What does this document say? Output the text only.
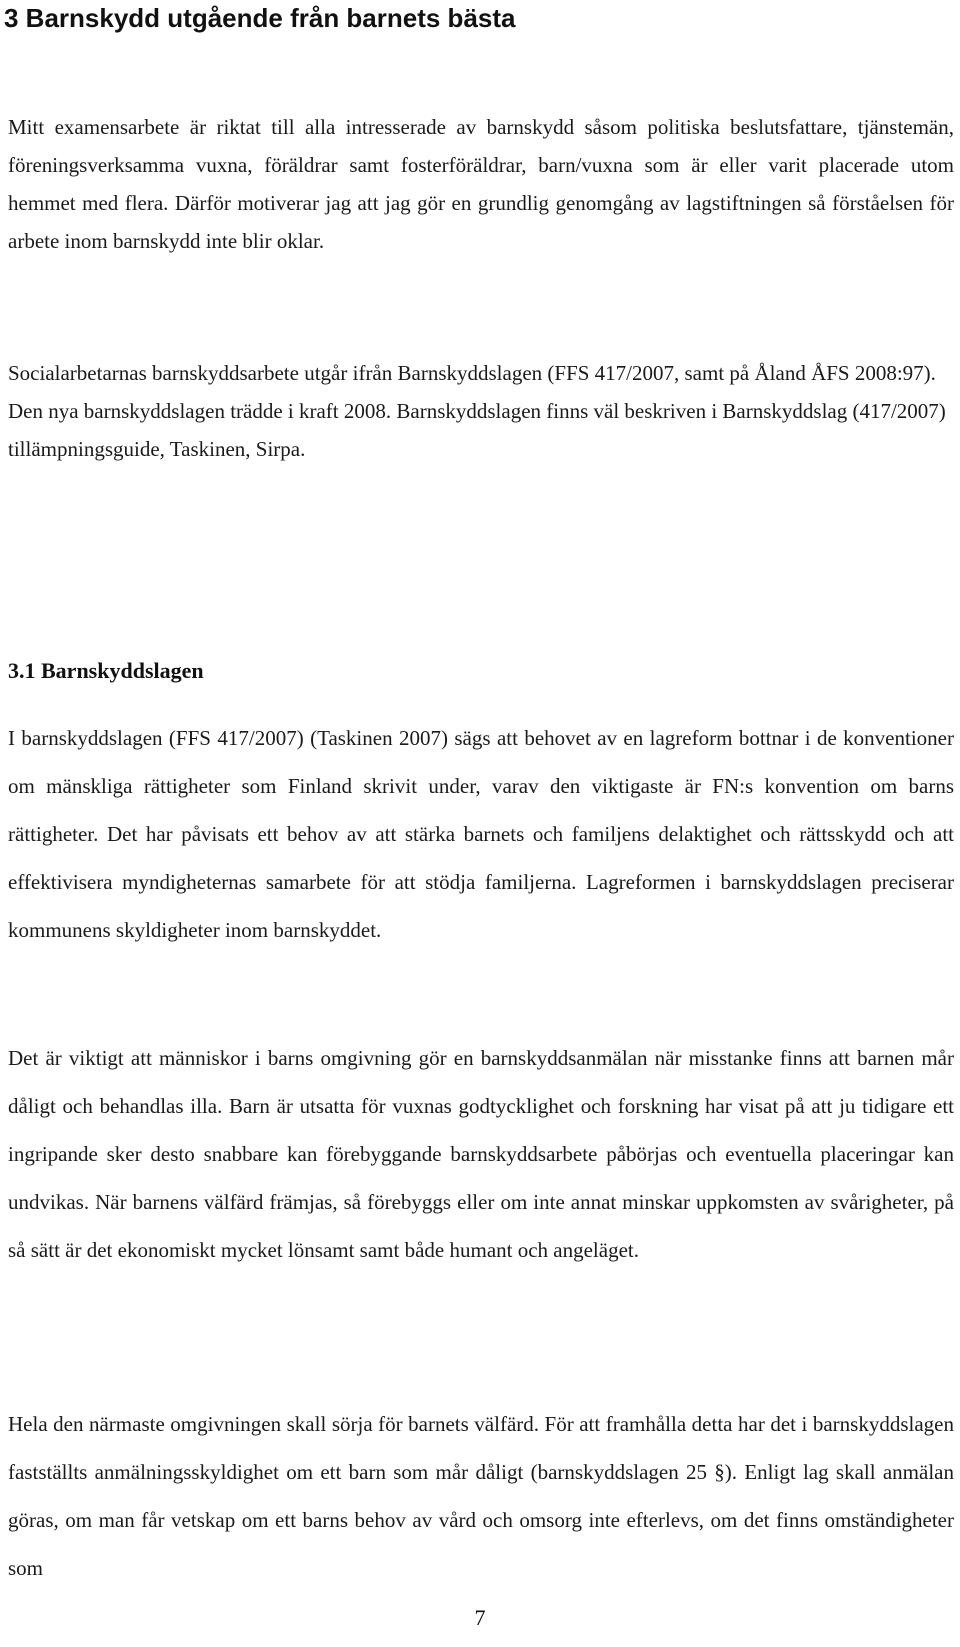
3 Barnskydd utgående från barnets bästa

Mitt examensarbete är riktat till alla intresserade av barnskydd såsom politiska beslutsfattare, tjänstemän, föreningsverksamma vuxna, föräldrar samt fosterföräldrar, barn/vuxna som är eller varit placerade utom hemmet med flera. Därför motiverar jag att jag gör en grundlig genomgång av lagstiftningen så förståelsen för arbete inom barnskydd inte blir oklar.

Socialarbetarnas barnskyddsarbete utgår ifrån Barnskyddslagen (FFS 417/2007, samt på Åland ÅFS 2008:97). Den nya barnskyddslagen trädde i kraft 2008. Barnskyddslagen finns väl beskriven i Barnskyddslag (417/2007) tillämpningsguide, Taskinen, Sirpa.

3.1 Barnskyddslagen

I barnskyddslagen (FFS 417/2007) (Taskinen 2007) sägs att behovet av en lagreform bottnar i de konventioner om mänskliga rättigheter som Finland skrivit under, varav den viktigaste är FN:s konvention om barns rättigheter. Det har påvisats ett behov av att stärka barnets och familjens delaktighet och rättsskydd och att effektivisera myndigheternas samarbete för att stödja familjerna. Lagreformen i barnskyddslagen preciserar kommunens skyldigheter inom barnskyddet.

Det är viktigt att människor i barns omgivning gör en barnskyddsanmälan när misstanke finns att barnen mår dåligt och behandlas illa. Barn är utsatta för vuxnas godtycklighet och forskning har visat på att ju tidigare ett ingripande sker desto snabbare kan förebyggande barnskyddsarbete påbörjas och eventuella placeringar kan undvikas. När barnens välfärd främjas, så förebyggs eller om inte annat minskar uppkomsten av svårigheter, på så sätt är det ekonomiskt mycket lönsamt samt både humant och angeläget.

Hela den närmaste omgivningen skall sörja för barnets välfärd. För att framhålla detta har det i barnskyddslagen fastställts anmälningsskyldighet om ett barn som mår dåligt (barnskyddslagen 25 §). Enligt lag skall anmälan göras, om man får vetskap om ett barns behov av vård och omsorg inte efterlevs, om det finns omständigheter som

7
